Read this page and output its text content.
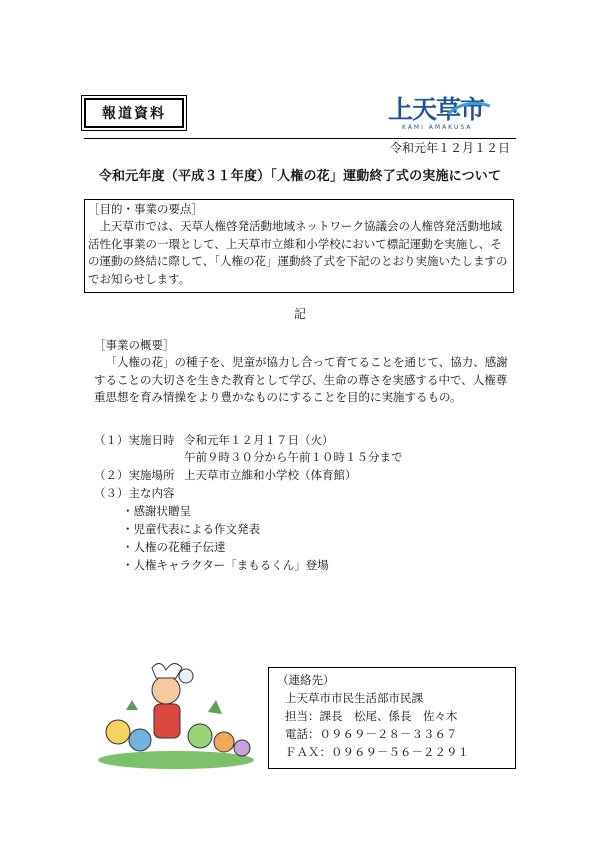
報道資料	上天草市
KAMI AMAKUSA
令和元年１２月１２日
令和元年度（平成３１年度）「人権の花」運動終了式の実施について
［目的・事業の要点］
上天草市では、天草人権啓発活動地域ネットワーク協議会の人権啓発活動地域活性化事業の一環として、上天草市立維和小学校において標記運動を実施し、その運動の終結に際して、「人権の花」運動終了式を下記のとおり実施いたしますのでお知らせします。
記
［事業の概要］
「人権の花」の種子を、児童が協力し合って育てることを通じて、協力、感謝することの大切さを生きた教育として学び、生命の尊さを実感する中で、人権尊重思想を育み情操をより豊かなものにすることを目的に実施するもの。
（１）実施日時 令和元年１２月１７日（火）
午前９時３０分から午前１０時１５分まで
（２）実施場所 上天草市立維和小学校（体育館）
（３）主な内容
・感謝状贈呈
・児童代表による作文発表
・人権の花種子伝達
・人権キャラクター「まもるくん」登場
（連絡先）
上天草市市民生活部市民課
担当：課長　松尾、係長　佐々木
電話：０９６９－２８－３３６７
ＦＡＸ：０９６９－５６－２２９１
